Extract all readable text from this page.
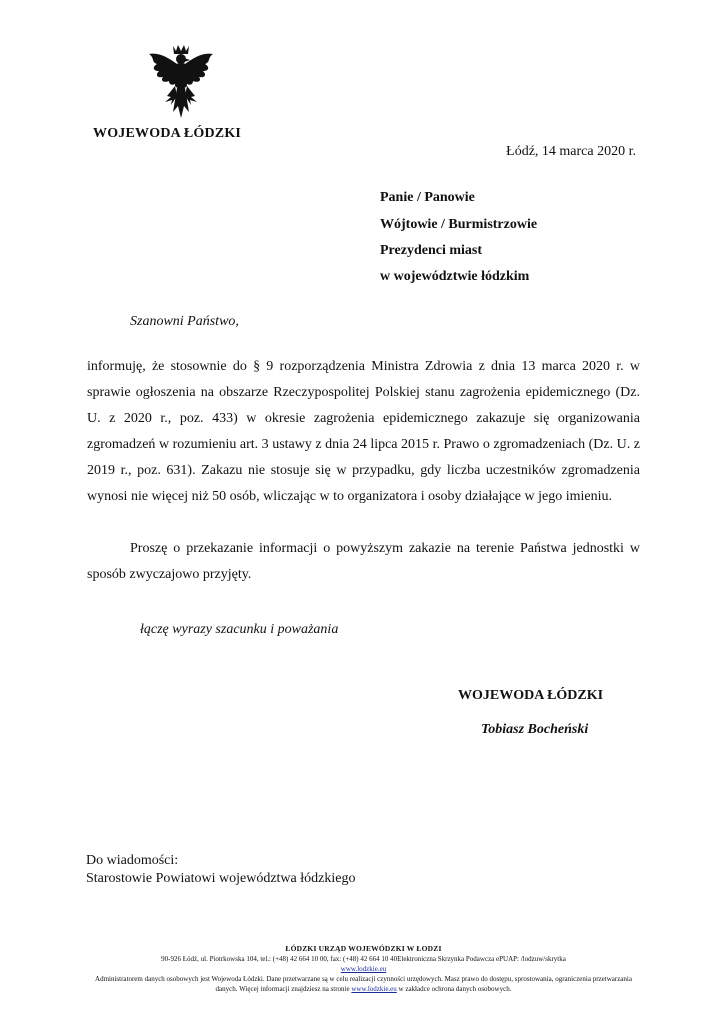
WOJEWODA ŁÓDZKI
Łódź, 14 marca 2020 r.
Panie / Panowie
Wójtowie / Burmistrzowie
Prezydenci miast
w województwie łódzkim
Szanowni Państwo,
informuję, że stosownie do § 9 rozporządzenia Ministra Zdrowia z dnia 13 marca 2020 r. w sprawie ogłoszenia na obszarze Rzeczypospolitej Polskiej stanu zagrożenia epidemicznego (Dz. U. z 2020 r., poz. 433) w okresie zagrożenia epidemicznego zakazuje się organizowania zgromadzeń w rozumieniu art. 3 ustawy z dnia 24 lipca 2015 r. Prawo o zgromadzeniach (Dz. U. z 2019 r., poz. 631). Zakazu nie stosuje się w przypadku, gdy liczba uczestników zgromadzenia wynosi nie więcej niż 50 osób, wliczając w to organizatora i osoby działające w jego imieniu.
Proszę o przekazanie informacji o powyższym zakazie na terenie Państwa jednostki w sposób zwyczajowo przyjęty.
łączę wyrazy szacunku i poważania
WOJEWODA ŁÓDZKI
Tobiasz Bocheński
Do wiadomości:
Starostowie Powiatowi województwa łódzkiego
ŁÓDZKI URZĄD WOJEWÓDZKI W ŁODZI
90-926 Łódź, ul. Piotrkowska 104, tel.: (+48) 42 664 10 00, fax: (+48) 42 664 10 40Elektroniczna Skrzynka Podawcza ePUAP: /lodzuw/skrytka
www.lodzkie.eu
Administratorem danych osobowych jest Wojewoda Łódzki. Dane przetwarzane są w celu realizacji czynności urzędowych. Masz prawo do dostępu, sprostowania, ograniczenia przetwarzania danych. Więcej informacji znajdziesz na stronie www.lodzkie.eu w zakładce ochrona danych osobowych.
